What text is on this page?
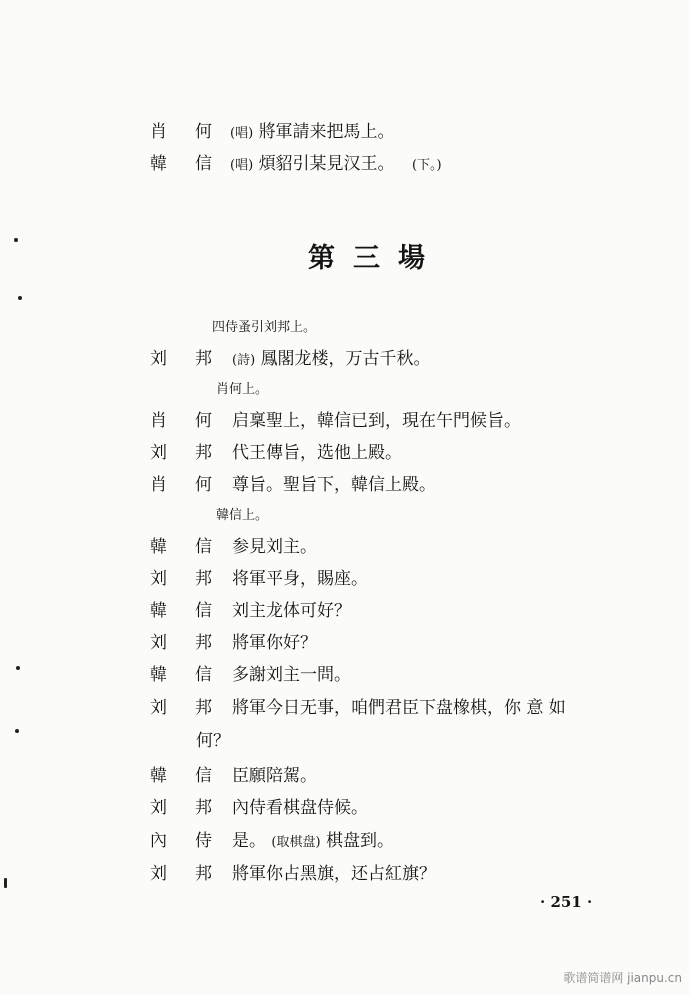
肖 何 (唱) 將軍請来把馬上。
韓 信 (唱) 煩貂引某見汉王。 (下。)
第三場
四侍蚤引刘邦上。
刘 邦 (詩) 鳳閣龙楼，万古千秋。
肖何上。
肖 何 启稟聖上，韓信已到，現在午門候旨。
刘 邦 代王傳旨，选他上殿。
肖 何 尊旨。聖旨下，韓信上殿。
韓信上。
韓 信 参見刘主。
刘 邦 将軍平身，賜座。
韓 信 刘主龙体可好？
刘 邦 將軍你好？
韓 信 多謝刘主一問。
刘 邦 將軍今日无事，咱們君臣下盘橡棋，你 意 如
何？
韓 信 臣願陪駕。
刘 邦 內侍看棋盘侍候。
內 侍 是。 (取棋盘) 棋盘到。
刘 邦 將軍你占黑旗，还占紅旗？
· 251 ·
歌谱简谱网 jianpu.cn
